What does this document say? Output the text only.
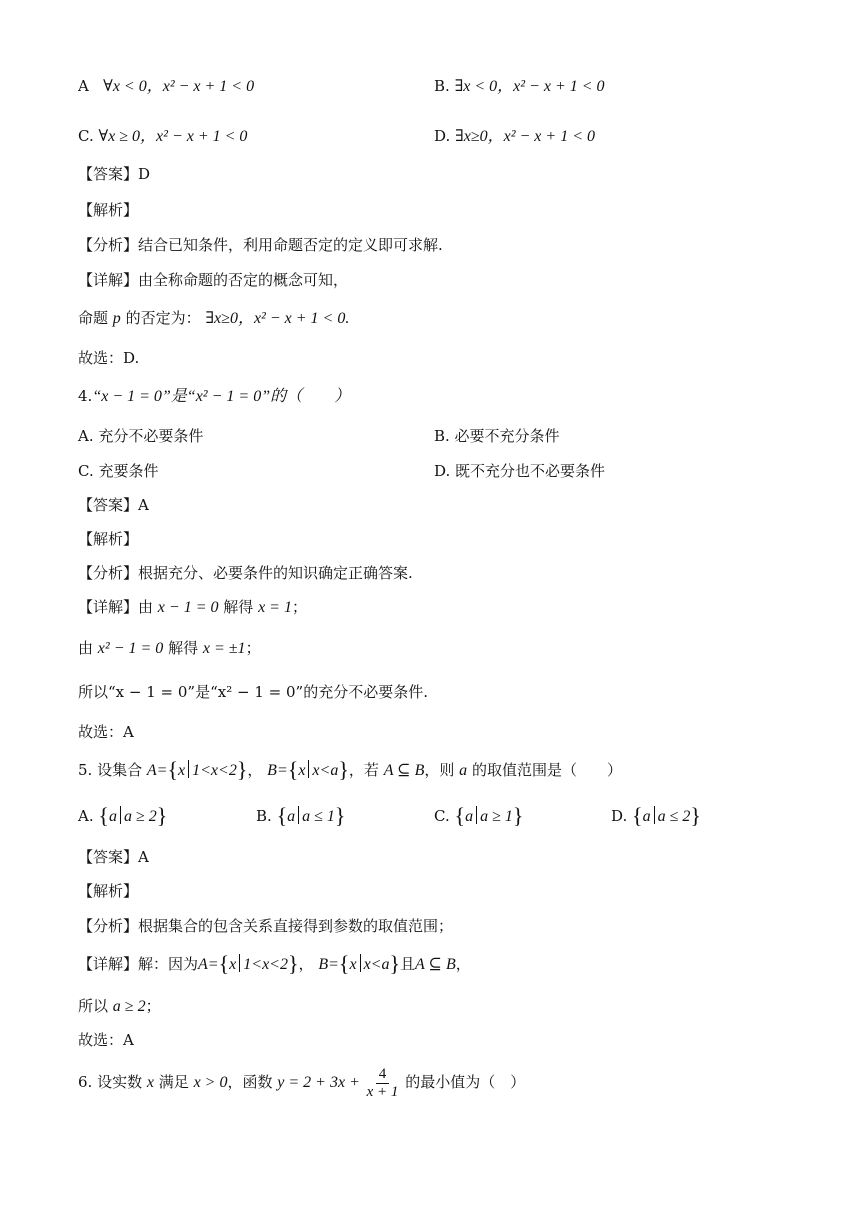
A ∀x < 0，x² − x + 1 < 0	B. ∃x < 0，x² − x + 1 < 0
C. ∀x ≥ 0，x² − x + 1 < 0	D. ∃x≥0，x² − x + 1 < 0
【答案】D
【解析】
【分析】结合已知条件，利用命题否定的定义即可求解.
【详解】由全称命题的否定的概念可知，
命题 p 的否定为： ∃x≥0，x² − x + 1 < 0.
故选：D.
4.“x − 1 = 0”是“x² − 1 = 0”的（　　）
A. 充分不必要条件	B. 必要不充分条件
C. 充要条件	D. 既不充分也不必要条件
【答案】A
【解析】
【分析】根据充分、必要条件的知识确定正确答案.
【详解】由 x − 1 = 0 解得 x = 1；
由 x² − 1 = 0 解得 x = ±1；
所以“x − 1 = 0”是“x² − 1 = 0”的充分不必要条件.
故选：A
5. 设集合 A={x 1<x<2}， B={x x<a}，若 A ⊆ B，则 a 的取值范围是（　　）
A. {a a ≥ 2}	B. {a a ≤ 1}	C. {a a ≥ 1}	D. {a a ≤ 2}
【答案】A
【解析】
【分析】根据集合的包含关系直接得到参数的取值范围；
【详解】解：因为A={x 1<x<2}， B={x x<a}且A ⊆ B，
所以 a ≥ 2；
故选：A
6. 设实数 x 满足 x > 0，函数 $y = 2 + 3x + \frac{4}{x + 1}$ 的最小值为（　）
